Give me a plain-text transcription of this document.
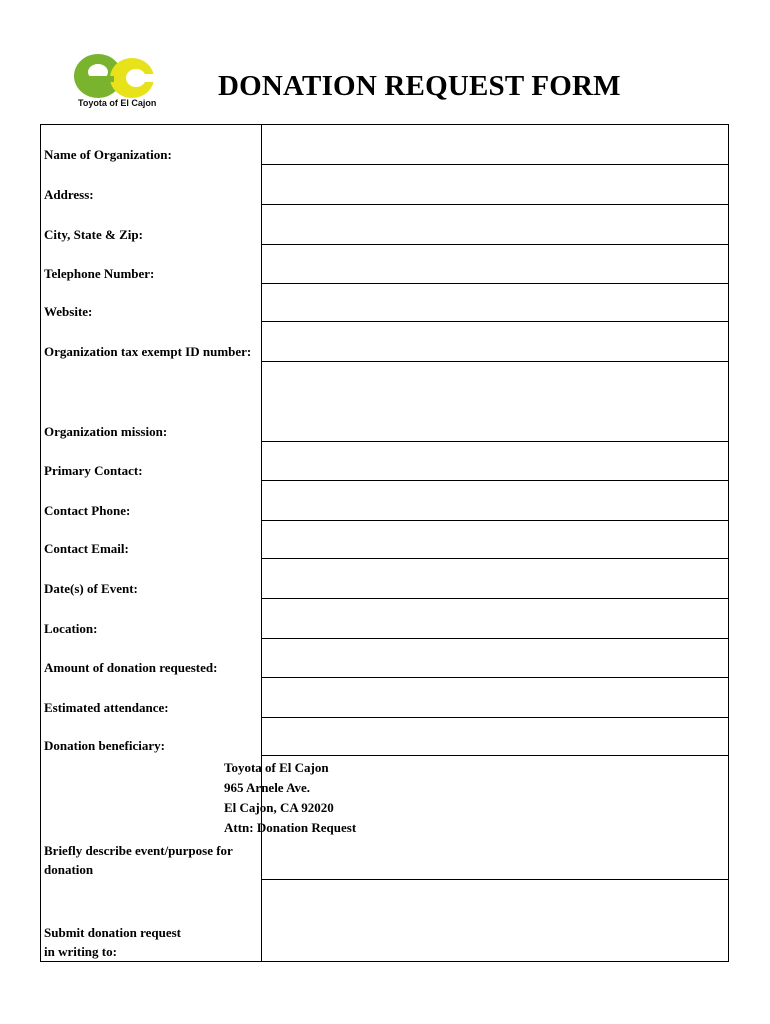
Toyota of El Cajon
DONATION REQUEST FORM
Name of Organization:
Address:
City, State & Zip:
Telephone Number:
Website:
Organization tax exempt ID number:
Organization mission:
Primary Contact:
Contact Phone:
Contact Email:
Date(s) of Event:
Location:
Amount of donation requested:
Estimated attendance:
Donation beneficiary:
Briefly describe event/purpose for donation
Submit donation request
in writing to:
Toyota of El Cajon
965 Arnele Ave.
El Cajon, CA 92020
Attn: Donation Request
